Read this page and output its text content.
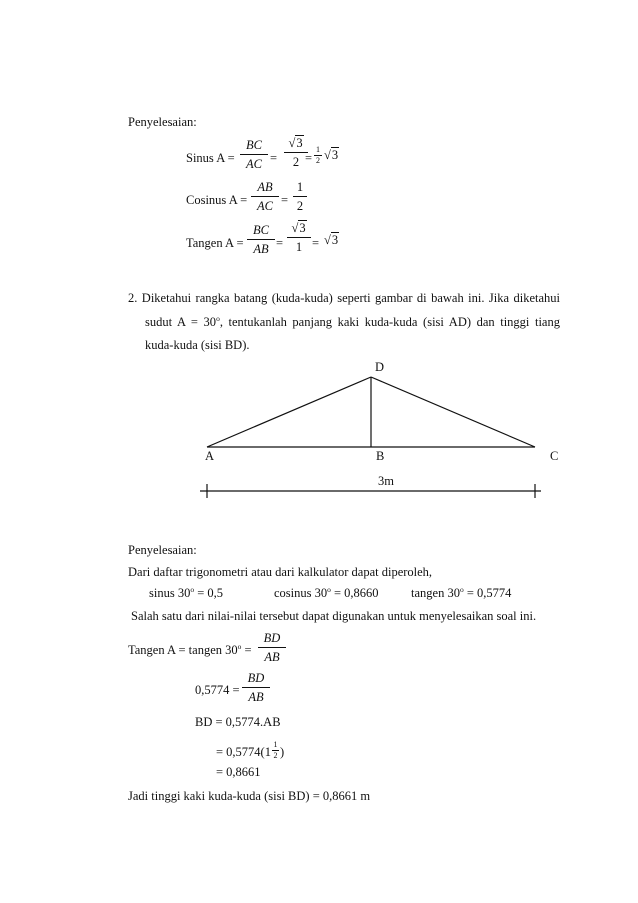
Penyelesaian:
Sinus $A = \frac{BC}{AC} = \frac{√3}{2}$
= $\frac{1}{2} √3$
Cosinus $A = \frac{AB}{AC} = \frac{1}{2}$
Tangen $A = \frac{BC}{AB} = \frac{√3}{1} = √3$
2. Diketahui rangka batang (kuda-kuda) seperti gambar di bawah ini. Jika diketahui
sudut $A = 30^o$, tentukanlah panjang kaki kuda-kuda (sisi AD) dan tinggi tiang
kuda-kuda (sisi BD).
D
A	B	C
3m
Penyelesaian:
Dari daftar trigonometri atau dari kalkulator dapat diperoleh,
sinus $30^o = 0,5$	cosinus $30^o = 0,8660$	tangen $30^o = 0,5774$
Salah satu dari nilai-nilai tersebut dapat digunakan untuk menyelesaikan soal ini.
Tangen A = tangen $30^o = \frac{BD}{AB}$
$0,5774 = \frac{BD}{AB}$
BD = 0,5774.AB
= $0,5774(1 \frac{1}{2}$ )
= 0,8661
Jadi tinggi kaki kuda-kuda (sisi BD) = 0,8661 m
